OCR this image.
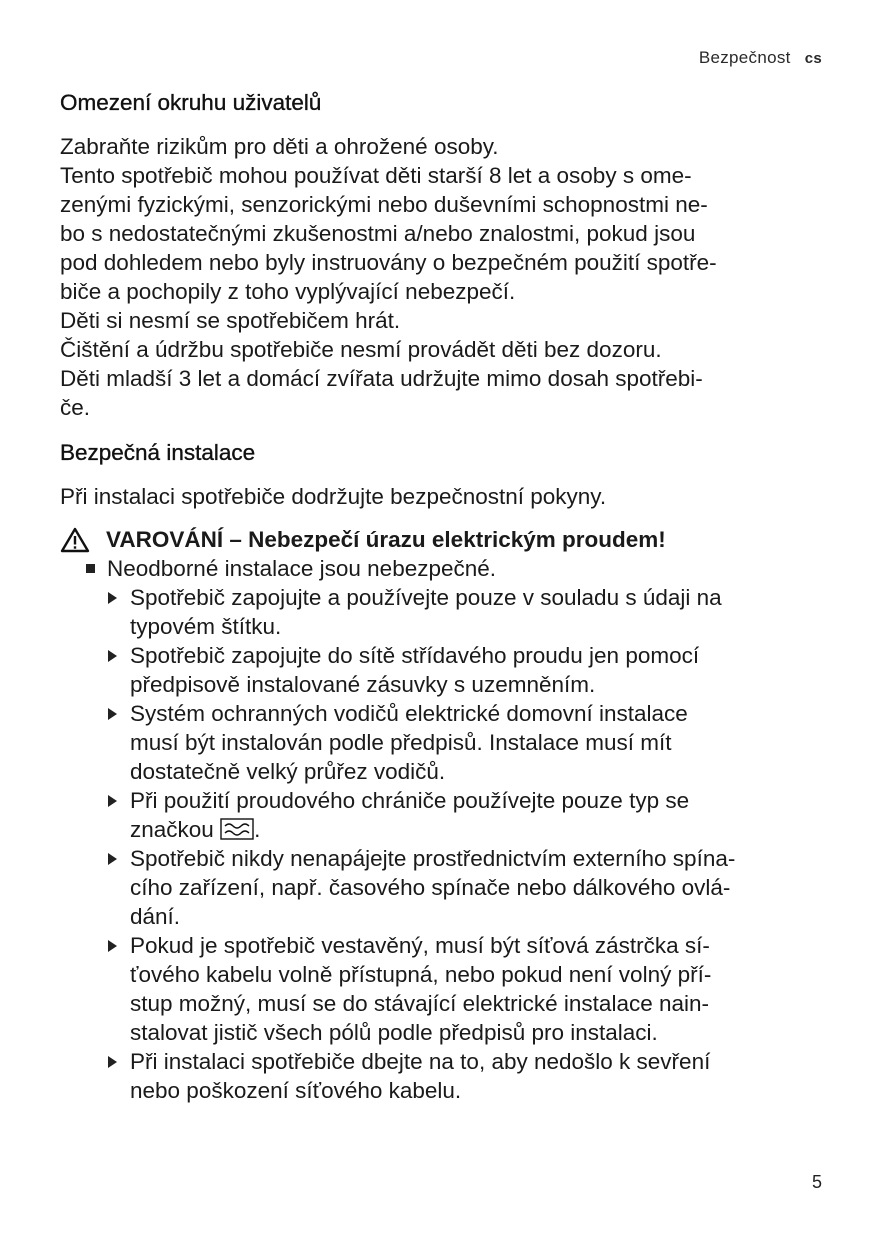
Bezpečnost cs
Omezení okruhu uživatelů

Zabraňte rizikům pro děti a ohrožené osoby.

Tento spotřebič mohou používat děti starší 8 let a osoby s ome-

zenými fyzickými, senzorickými nebo duševními schopnostmi ne-

bo s nedostatečnými zkušenostmi a/nebo znalostmi, pokud jsou

pod dohledem nebo byly instruovány o bezpečném použití spotře-

biče a pochopily z toho vyplývající nebezpečí.

Děti si nesmí se spotřebičem hrát.

Čištění a údržbu spotřebiče nesmí provádět děti bez dozoru.

Děti mladší 3 let a domácí zvířata udržujte mimo dosah spotřebi-

če.

Bezpečná instalace

Při instalaci spotřebiče dodržujte bezpečnostní pokyny.

VAROVÁNÍ – Nebezpečí úrazu elektrickým proudem!
Neodborné instalace jsou nebezpečné.
Spotřebič zapojujte a používejte pouze v souladu s údaji na
typovém štítku.
Spotřebič zapojujte do sítě střídavého proudu jen pomocí
předpisově instalované zásuvky s uzemněním.
Systém ochranných vodičů elektrické domovní instalace
musí být instalován podle předpisů. Instalace musí mít
dostatečně velký průřez vodičů.
Při použití proudového chrániče používejte pouze typ se
značkou .
Spotřebič nikdy nenapájejte prostřednictvím externího spína-
cího zařízení, např. časového spínače nebo dálkového ovlá-
dání.
Pokud je spotřebič vestavěný, musí být síťová zástrčka sí-
ťového kabelu volně přístupná, nebo pokud není volný pří-
stup možný, musí se do stávající elektrické instalace nain-
stalovat jistič všech pólů podle předpisů pro instalaci.
Při instalaci spotřebiče dbejte na to, aby nedošlo k sevření
nebo poškození síťového kabelu.
5
